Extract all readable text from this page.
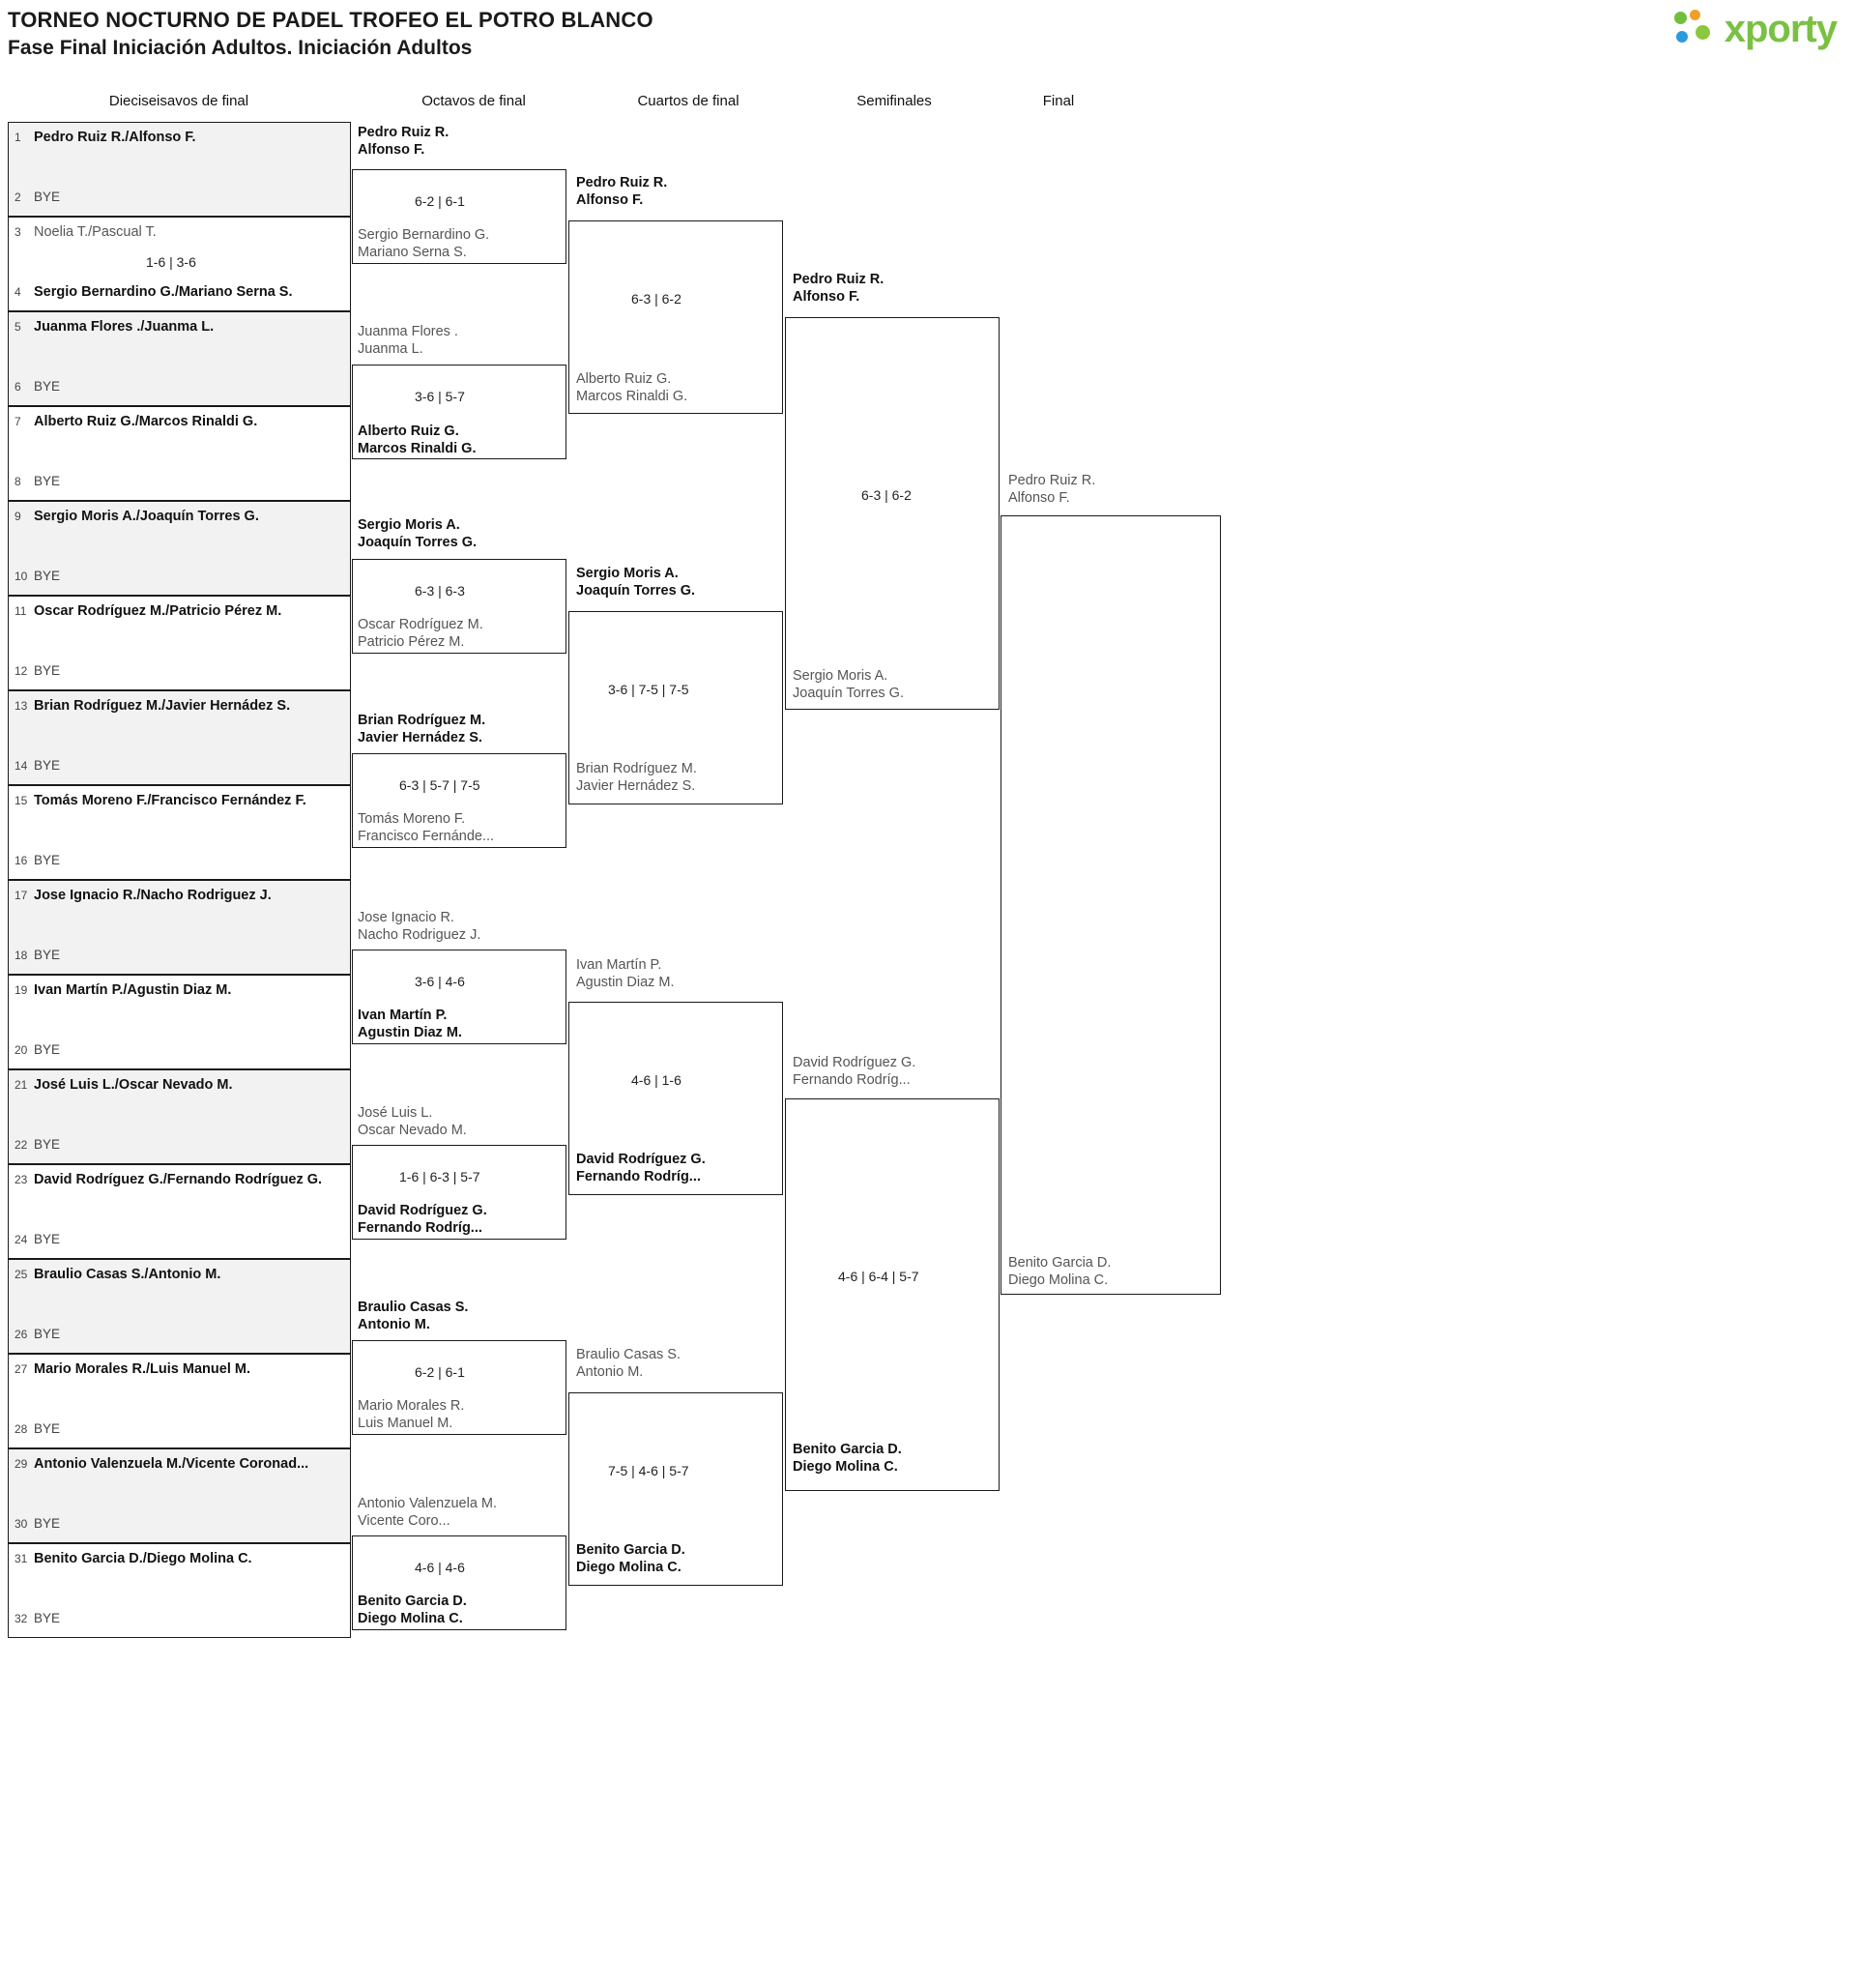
TORNEO NOCTURNO DE PADEL TROFEO EL POTRO BLANCO
Fase Final Iniciación Adultos. Iniciación Adultos	xporty
Dieciseisavos de final	Octavos de final	Cuartos de final	Semifinales	Final
1 Pedro Ruiz R./Alfonso F.
2 BYE
3 Noelia T./Pascual T.
1-6 | 3-6
4 Sergio Bernardino G./Mariano Serna S.
5 Juanma Flores ./Juanma L.
6 BYE
7 Alberto Ruiz G./Marcos Rinaldi G.
8 BYE
9 Sergio Moris A./Joaquín Torres G.
10 BYE
11 Oscar Rodríguez M./Patricio Pérez M.
12 BYE
13 Brian Rodríguez M./Javier Hernádez S.
14 BYE
15 Tomás Moreno F./Francisco Fernández F.
16 BYE
17 Jose Ignacio R./Nacho Rodriguez J.
18 BYE
19 Ivan Martín P./Agustin Diaz M.
20 BYE
21 José Luis L./Oscar Nevado M.
22 BYE
23 David Rodríguez G./Fernando Rodríguez G.
24 BYE
25 Braulio Casas S./Antonio M.
26 BYE
27 Mario Morales R./Luis Manuel M.
28 BYE
29 Antonio Valenzuela M./Vicente Coronad...
30 BYE
31 Benito Garcia D./Diego Molina C.
32 BYE
Pedro Ruiz R.
Alfonso F.
6-2 | 6-1
Sergio Bernardino G.
Mariano Serna S.
Juanma Flores .
Juanma L.
3-6 | 5-7
Alberto Ruiz G.
Marcos Rinaldi G.
Sergio Moris A.
Joaquín Torres G.
6-3 | 6-3
Oscar Rodríguez M.
Patricio Pérez M.
Brian Rodríguez M.
Javier Hernádez S.
6-3 | 5-7 | 7-5
Tomás Moreno F.
Francisco Fernánde...
Jose Ignacio R.
Nacho Rodriguez J.
3-6 | 4-6
Ivan Martín P.
Agustin Diaz M.
José Luis L.
Oscar Nevado M.
1-6 | 6-3 | 5-7
David Rodríguez G.
Fernando Rodríg...
Braulio Casas S.
Antonio M.
6-2 | 6-1
Mario Morales R.
Luis Manuel M.
Antonio Valenzuela M.
Vicente Coro...
4-6 | 4-6
Benito Garcia D.
Diego Molina C.
Pedro Ruiz R.
Alfonso F.
6-3 | 6-2
Alberto Ruiz G.
Marcos Rinaldi G.
Sergio Moris A.
Joaquín Torres G.
3-6 | 7-5 | 7-5
Brian Rodríguez M.
Javier Hernádez S.
Ivan Martín P.
Agustin Diaz M.
4-6 | 1-6
David Rodríguez G.
Fernando Rodríg...
Braulio Casas S.
Antonio M.
7-5 | 4-6 | 5-7
Benito Garcia D.
Diego Molina C.
Pedro Ruiz R.
Alfonso F.
6-3 | 6-2
Sergio Moris A.
Joaquín Torres G.
David Rodríguez G.
Fernando Rodríg...
4-6 | 6-4 | 5-7
Benito Garcia D.
Diego Molina C.
Pedro Ruiz R.
Alfonso F.
Benito Garcia D.
Diego Molina C.
